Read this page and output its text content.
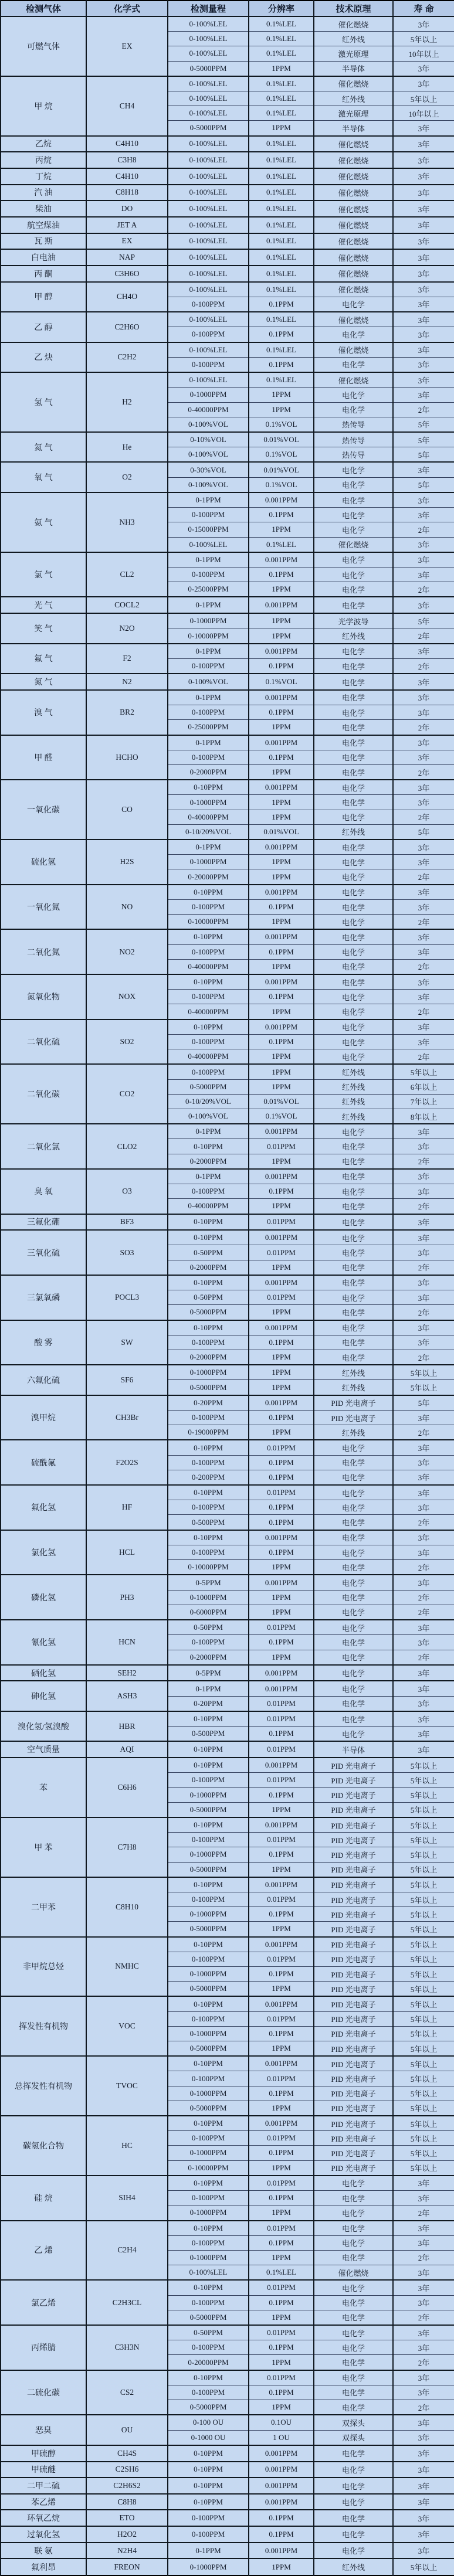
检测气体	化学式	检测量程	分辨率	技术原理	寿 命
可燃气体	EX	0-100%LEL	0.1%LEL	催化燃烧	3年
		0-100%LEL	0.1%LEL	红外线	5年以上
		0-100%LEL	0.1%LEL	激光原理	10年以上
		0-5000PPM	1PPM	半导体	3年
甲 烷	CH4	0-100%LEL	0.1%LEL	催化燃烧	3年
		0-100%LEL	0.1%LEL	红外线	5年以上
		0-100%LEL	0.1%LEL	激光原理	10年以上
		0-5000PPM	1PPM	半导体	3年
乙烷	C4H10	0-100%LEL	0.1%LEL	催化燃烧	3年
丙烷	C3H8	0-100%LEL	0.1%LEL	催化燃烧	3年
丁烷	C4H10	0-100%LEL	0.1%LEL	催化燃烧	3年
汽 油	C8H18	0-100%LEL	0.1%LEL	催化燃烧	3年
柴油	DO	0-100%LEL	0.1%LEL	催化燃烧	3年
航空煤油	JET A	0-100%LEL	0.1%LEL	催化燃烧	3年
瓦 斯	EX	0-100%LEL	0.1%LEL	催化燃烧	3年
白电油	NAP	0-100%LEL	0.1%LEL	催化燃烧	3年
丙 酮	C3H6O	0-100%LEL	0.1%LEL	催化燃烧	3年
甲 醇	CH4O	0-100%LEL	0.1%LEL	催化燃烧	3年
		0-100PPM	0.1PPM	电化学	3年
乙 醇	C2H6O	0-100%LEL	0.1%LEL	催化燃烧	3年
		0-100PPM	0.1PPM	电化学	3年
乙 炔	C2H2	0-100%LEL	0.1%LEL	催化燃烧	3年
		0-100PPM	0.1PPM	电化学	3年
氢 气	H2	0-100%LEL	0.1%LEL	催化燃烧	3年
		0-1000PPM	1PPM	电化学	3年
		0-40000PPM	1PPM	电化学	2年
		0-100%VOL	0.1%VOL	热传导	5年
氦 气	He	0-10%VOL	0.01%VOL	热传导	5年
		0-100%VOL	0.1%VOL	热传导	5年
氧 气	O2	0-30%VOL	0.01%VOL	电化学	3年
		0-100%VOL	0.1%VOL	电化学	5年
氨 气	NH3	0-1PPM	0.001PPM	电化学	3年
		0-100PPM	0.1PPM	电化学	3年
		0-15000PPM	1PPM	电化学	2年
		0-100%LEL	0.1%LEL	催化燃烧	3年
氯 气	CL2	0-1PPM	0.001PPM	电化学	3年
		0-100PPM	0.1PPM	电化学	3年
		0-25000PPM	1PPM	电化学	2年
光 气	COCL2	0-1PPM	0.001PPM	电化学	3年
笑 气	N2O	0-1000PPM	1PPM	光学波导	5年
		0-10000PPM	1PPM	红外线	2年
氟 气	F2	0-1PPM	0.001PPM	电化学	3年
		0-100PPM	0.1PPM	电化学	2年
氮 气	N2	0-100%VOL	0.1%VOL	电化学	3年
溴 气	BR2	0-1PPM	0.001PPM	电化学	3年
		0-100PPM	0.1PPM	电化学	3年
		0-25000PPM	1PPM	电化学	2年
甲 醛	HCHO	0-1PPM	0.001PPM	电化学	3年
		0-100PPM	0.1PPM	电化学	3年
		0-2000PPM	1PPM	电化学	2年
一氧化碳	CO	0-10PPM	0.001PPM	电化学	3年
		0-1000PPM	1PPM	电化学	3年
		0-40000PPM	1PPM	电化学	2年
		0-10/20%VOL	0.01%VOL	红外线	5年
硫化氢	H2S	0-1PPM	0.001PPM	电化学	3年
		0-1000PPM	1PPM	电化学	3年
		0-20000PPM	1PPM	电化学	2年
一氧化氮	NO	0-10PPM	0.001PPM	电化学	3年
		0-100PPM	0.1PPM	电化学	3年
		0-10000PPM	1PPM	电化学	2年
二氧化氮	NO2	0-10PPM	0.001PPM	电化学	3年
		0-100PPM	0.1PPM	电化学	3年
		0-40000PPM	1PPM	电化学	2年
氮氧化物	NOX	0-10PPM	0.001PPM	电化学	3年
		0-100PPM	0.1PPM	电化学	3年
		0-40000PPM	1PPM	电化学	2年
二氧化硫	SO2	0-10PPM	0.001PPM	电化学	3年
		0-100PPM	0.1PPM	电化学	3年
		0-40000PPM	1PPM	电化学	2年
二氧化碳	CO2	0-100PPM	1PPM	红外线	5年以上
		0-5000PPM	1PPM	红外线	6年以上
		0-10/20%VOL	0.01%VOL	红外线	7年以上
		0-100%VOL	0.1%VOL	红外线	8年以上
二氧化氯	CLO2	0-1PPM	0.001PPM	电化学	3年
		0-10PPM	0.01PPM	电化学	3年
		0-2000PPM	1PPM	电化学	2年
臭 氧	O3	0-1PPM	0.001PPM	电化学	3年
		0-100PPM	0.1PPM	电化学	3年
		0-40000PPM	1PPM	电化学	2年
三氟化硼	BF3	0-10PPM	0.01PPM	电化学	3年
三氧化硫	SO3	0-10PPM	0.001PPM	电化学	3年
		0-50PPM	0.01PPM	电化学	3年
		0-2000PPM	1PPM	电化学	2年
三氯氧磷	POCL3	0-10PPM	0.001PPM	电化学	3年
		0-50PPM	0.01PPM	电化学	3年
		0-5000PPM	1PPM	电化学	2年
酸 雾	SW	0-10PPM	0.001PPM	电化学	3年
		0-100PPM	0.1PPM	电化学	3年
		0-2000PPM	1PPM	电化学	2年
六氟化硫	SF6	0-1000PPM	1PPM	红外线	5年以上
		0-5000PPM	1PPM	红外线	5年以上
溴甲烷	CH3Br	0-20PPM	0.001PPM	PID 光电离子	5年
		0-100PPM	0.1PPM	PID 光电离子	3年
		0-19000PPM	1PPM	红外线	2年
硫酰氟	F2O2S	0-10PPM	0.01PPM	电化学	3年
		0-100PPM	0.1PPM	电化学	3年
		0-200PPM	0.1PPM	电化学	3年
氟化氢	HF	0-10PPM	0.01PPM	电化学	3年
		0-100PPM	0.1PPM	电化学	3年
		0-500PPM	0.1PPM	电化学	2年
氯化氢	HCL	0-10PPM	0.001PPM	电化学	3年
		0-100PPM	0.1PPM	电化学	3年
		0-10000PPM	1PPM	电化学	2年
磷化氢	PH3	0-5PPM	0.001PPM	电化学	3年
		0-1000PPM	1PPM	电化学	2年
		0-6000PPM	1PPM	电化学	2年
氰化氢	HCN	0-50PPM	0.01PPM	电化学	3年
		0-100PPM	0.1PPM	电化学	3年
		0-2000PPM	1PPM	电化学	2年
硒化氢	SEH2	0-5PPM	0.001PPM	电化学	3年
砷化氢	ASH3	0-1PPM	0.001PPM	电化学	3年
		0-20PPM	0.01PPM	电化学	3年
溴化氢/氢溴酸	HBR	0-10PPM	0.01PPM	电化学	3年
		0-500PPM	0.1PPM	电化学	3年
空气质量	AQI	0-10PPM	0.01PPM	半导体	3年
苯	C6H6	0-10PPM	0.001PPM	PID 光电离子	5年以上
		0-100PPM	0.01PPM	PID 光电离子	5年以上
		0-1000PPM	0.1PPM	PID 光电离子	5年以上
		0-5000PPM	1PPM	PID 光电离子	5年以上
甲 苯	C7H8	0-10PPM	0.001PPM	PID 光电离子	5年以上
		0-100PPM	0.01PPM	PID 光电离子	5年以上
		0-1000PPM	0.1PPM	PID 光电离子	5年以上
		0-5000PPM	1PPM	PID 光电离子	5年以上
二甲苯	C8H10	0-10PPM	0.001PPM	PID 光电离子	5年以上
		0-100PPM	0.01PPM	PID 光电离子	5年以上
		0-1000PPM	0.1PPM	PID 光电离子	5年以上
		0-5000PPM	1PPM	PID 光电离子	5年以上
非甲烷总烃	NMHC	0-10PPM	0.001PPM	PID 光电离子	5年以上
		0-100PPM	0.01PPM	PID 光电离子	5年以上
		0-1000PPM	0.1PPM	PID 光电离子	5年以上
		0-5000PPM	1PPM	PID 光电离子	5年以上
挥发性有机物	VOC	0-10PPM	0.001PPM	PID 光电离子	5年以上
		0-100PPM	0.01PPM	PID 光电离子	5年以上
		0-1000PPM	0.1PPM	PID 光电离子	5年以上
		0-5000PPM	1PPM	PID 光电离子	5年以上
总挥发性有机物	TVOC	0-10PPM	0.001PPM	PID 光电离子	5年以上
		0-100PPM	0.01PPM	PID 光电离子	5年以上
		0-1000PPM	0.1PPM	PID 光电离子	5年以上
		0-5000PPM	1PPM	PID 光电离子	5年以上
碳氢化合物	HC	0-10PPM	0.001PPM	PID 光电离子	5年以上
		0-100PPM	0.01PPM	PID 光电离子	5年以上
		0-1000PPM	0.1PPM	PID 光电离子	5年以上
		0-10000PPM	1PPM	PID 光电离子	5年以上
硅 烷	SIH4	0-10PPM	0.01PPM	电化学	3年
		0-100PPM	0.1PPM	电化学	3年
		0-1000PPM	1PPM	电化学	2年
乙 烯	C2H4	0-10PPM	0.01PPM	电化学	3年
		0-100PPM	0.1PPM	电化学	3年
		0-1000PPM	1PPM	电化学	2年
		0-100%LEL	0.1%LEL	催化燃烧	3年
氯乙烯	C2H3CL	0-10PPM	0.01PPM	电化学	3年
		0-100PPM	0.1PPM	电化学	3年
		0-5000PPM	1PPM	电化学	2年
丙烯腈	C3H3N	0-50PPM	0.01PPM	电化学	3年
		0-100PPM	0.1PPM	电化学	3年
		0-20000PPM	1PPM	电化学	2年
二硫化碳	CS2	0-10PPM	0.01PPM	电化学	3年
		0-100PPM	0.1PPM	电化学	3年
		0-5000PPM	1PPM	电化学	2年
恶臭	OU	0-100 OU	0.1OU	双探头	3年
		0-1000 OU	1 OU	双探头	3年
甲硫醇	CH4S	0-10PPM	0.001PPM	电化学	3年
甲硫醚	C2SH6	0-10PPM	0.001PPM	电化学	3年
二甲二硫	C2H6S2	0-10PPM	0.001PPM	电化学	3年
苯乙烯	C8H8	0-10PPM	0.001PPM	电化学	3年
环氧乙烷	ETO	0-100PPM	0.1PPM	电化学	3年
过氧化氢	H2O2	0-100PPM	0.1PPM	电化学	3年
联 氨	N2H4	0-1PPM	0.001PPM	电化学	3年
氟利昂	FREON	0-1000PPM	1PPM	红外线	5年以上
